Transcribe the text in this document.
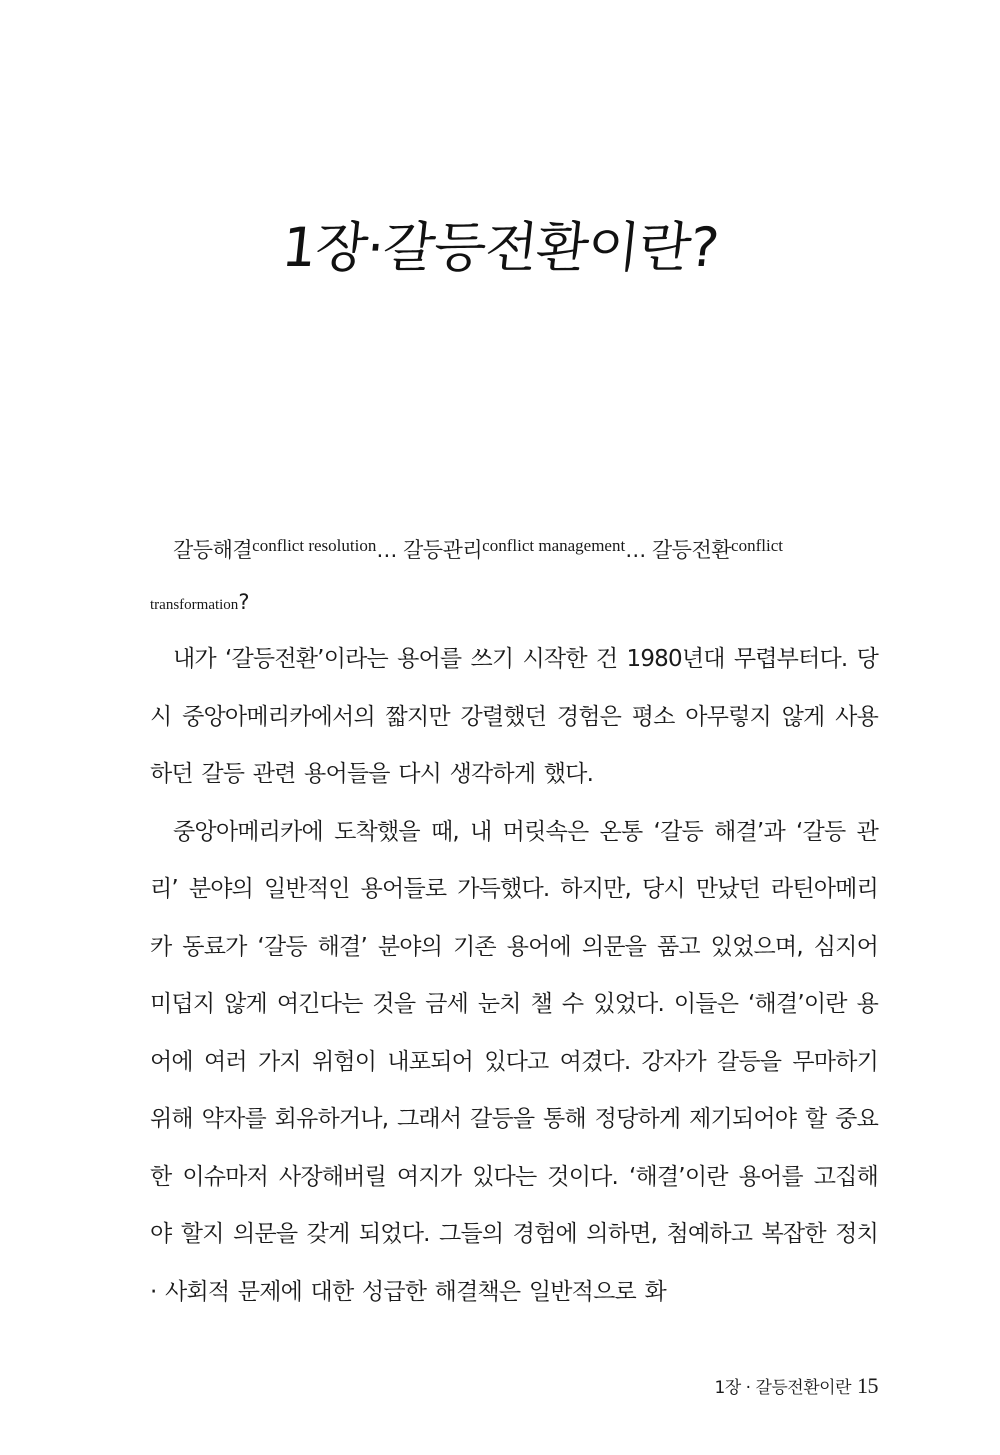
1장·갈등전환이란?

갈등해결$^{conflict resolution}$… 갈등관리$^{conflict management}$… 갈등전환$^{conflict}$
transformation?

내가 ‘갈등전환’이라는 용어를 쓰기 시작한 건 1980년대 무렵부터다. 당시 중앙아메리카에서의 짧지만 강렬했던 경험은 평소 아무렇지 않게 사용하던 갈등 관련 용어들을 다시 생각하게 했다.

중앙아메리카에 도착했을 때, 내 머릿속은 온통 ‘갈등 해결’과 ‘갈등 관리’ 분야의 일반적인 용어들로 가득했다. 하지만, 당시 만났던 라틴아메리카 동료가 ‘갈등 해결’ 분야의 기존 용어에 의문을 품고 있었으며, 심지어 미덥지 않게 여긴다는 것을 금세 눈치 챌 수 있었다. 이들은 ‘해결’이란 용어에 여러 가지 위험이 내포되어 있다고 여겼다. 강자가 갈등을 무마하기 위해 약자를 회유하거나, 그래서 갈등을 통해 정당하게 제기되어야 할 중요한 이슈마저 사장해버릴 여지가 있다는 것이다. ‘해결’이란 용어를 고집해야 할지 의문을 갖게 되었다. 그들의 경험에 의하면, 첨예하고 복잡한 정치 · 사회적 문제에 대한 성급한 해결책은 일반적으로 화

1장 · 갈등전환이란 15
